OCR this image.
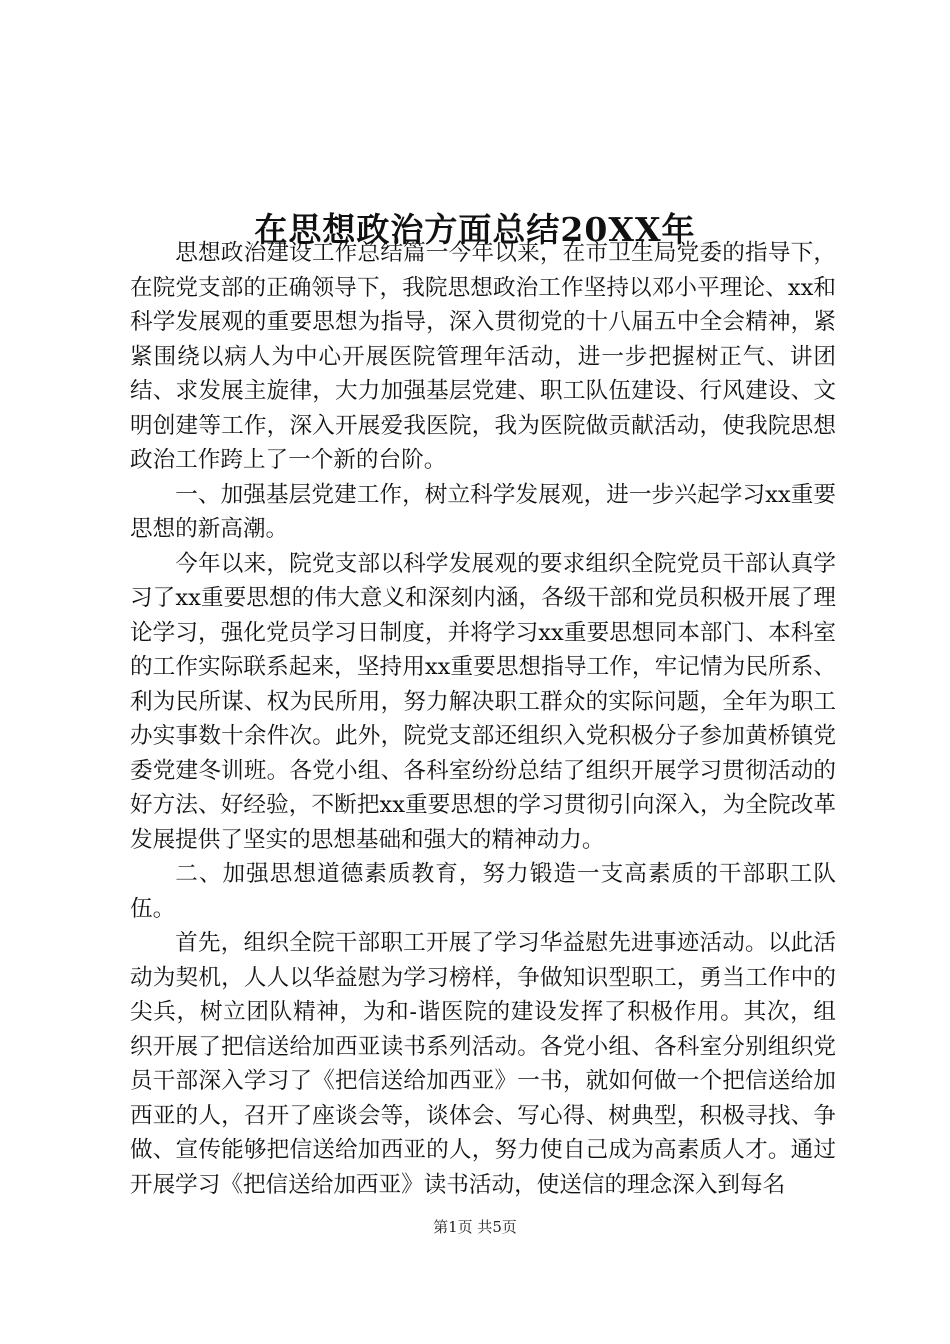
在思想政治方面总结20XX年

思想政治建设工作总结篇一今年以来，在市卫生局党委的指导下，在院党支部的正确领导下，我院思想政治工作坚持以邓小平理论、xx和科学发展观的重要思想为指导，深入贯彻党的十八届五中全会精神，紧紧围绕以病人为中心开展医院管理年活动，进一步把握树正气、讲团结、求发展主旋律，大力加强基层党建、职工队伍建设、行风建设、文明创建等工作，深入开展爱我医院，我为医院做贡献活动，使我院思想政治工作跨上了一个新的台阶。

一、加强基层党建工作，树立科学发展观，进一步兴起学习xx重要思想的新高潮。

今年以来，院党支部以科学发展观的要求组织全院党员干部认真学习了xx重要思想的伟大意义和深刻内涵，各级干部和党员积极开展了理论学习，强化党员学习日制度，并将学习xx重要思想同本部门、本科室的工作实际联系起来，坚持用xx重要思想指导工作，牢记情为民所系、利为民所谋、权为民所用，努力解决职工群众的实际问题，全年为职工办实事数十余件次。此外，院党支部还组织入党积极分子参加黄桥镇党委党建冬训班。各党小组、各科室纷纷总结了组织开展学习贯彻活动的好方法、好经验，不断把xx重要思想的学习贯彻引向深入，为全院改革发展提供了坚实的思想基础和强大的精神动力。

二、加强思想道德素质教育，努力锻造一支高素质的干部职工队伍。

首先，组织全院干部职工开展了学习华益慰先进事迹活动。以此活动为契机，人人以华益慰为学习榜样，争做知识型职工，勇当工作中的尖兵，树立团队精神，为和-谐医院的建设发挥了积极作用。其次，组织开展了把信送给加西亚读书系列活动。各党小组、各科室分别组织党员干部深入学习了《把信送给加西亚》一书，就如何做一个把信送给加西亚的人，召开了座谈会等，谈体会、写心得、树典型，积极寻找、争做、宣传能够把信送给加西亚的人，努力使自己成为高素质人才。通过开展学习《把信送给加西亚》读书活动，使送信的理念深入到每名

第1页 共5页
